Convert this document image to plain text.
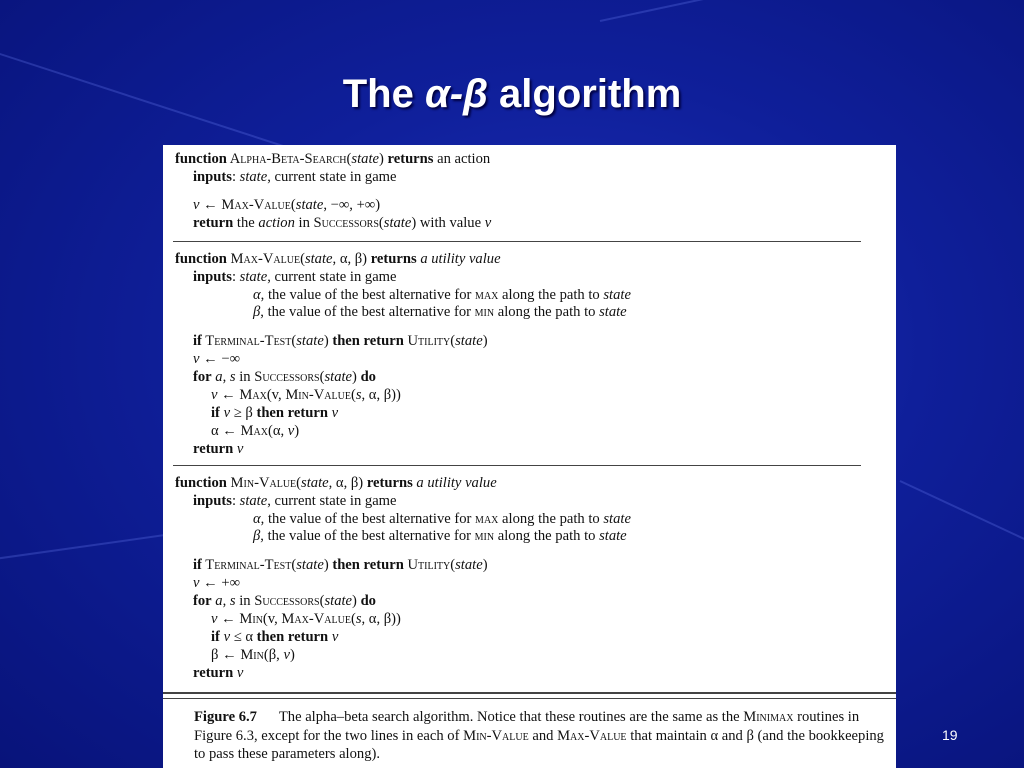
The α-β algorithm
function Alpha-Beta-Search(state) returns an action
inputs: state, current state in game
v ← Max-Value(state, −∞, +∞)
return the action in Successors(state) with value v
function Max-Value(state, α, β) returns a utility value
inputs: state, current state in game
α, the value of the best alternative for max along the path to state
β, the value of the best alternative for min along the path to state
if Terminal-Test(state) then return Utility(state)
v ← −∞
for a, s in Successors(state) do
v ← Max(v, Min-Value(s, α, β))
if v ≥ β then return v
α ← Max(α, v)
return v
function Min-Value(state, α, β) returns a utility value
inputs: state, current state in game
α, the value of the best alternative for max along the path to state
β, the value of the best alternative for min along the path to state
if Terminal-Test(state) then return Utility(state)
v ← +∞
for a, s in Successors(state) do
v ← Min(v, Max-Value(s, α, β))
if v ≤ α then return v
β ← Min(β, v)
return v
Figure 6.7 The alpha–beta search algorithm. Notice that these routines are the same as the Minimax routines in Figure 6.3, except for the two lines in each of Min-Value and Max-Value that maintain α and β (and the bookkeeping to pass these parameters along).
19
